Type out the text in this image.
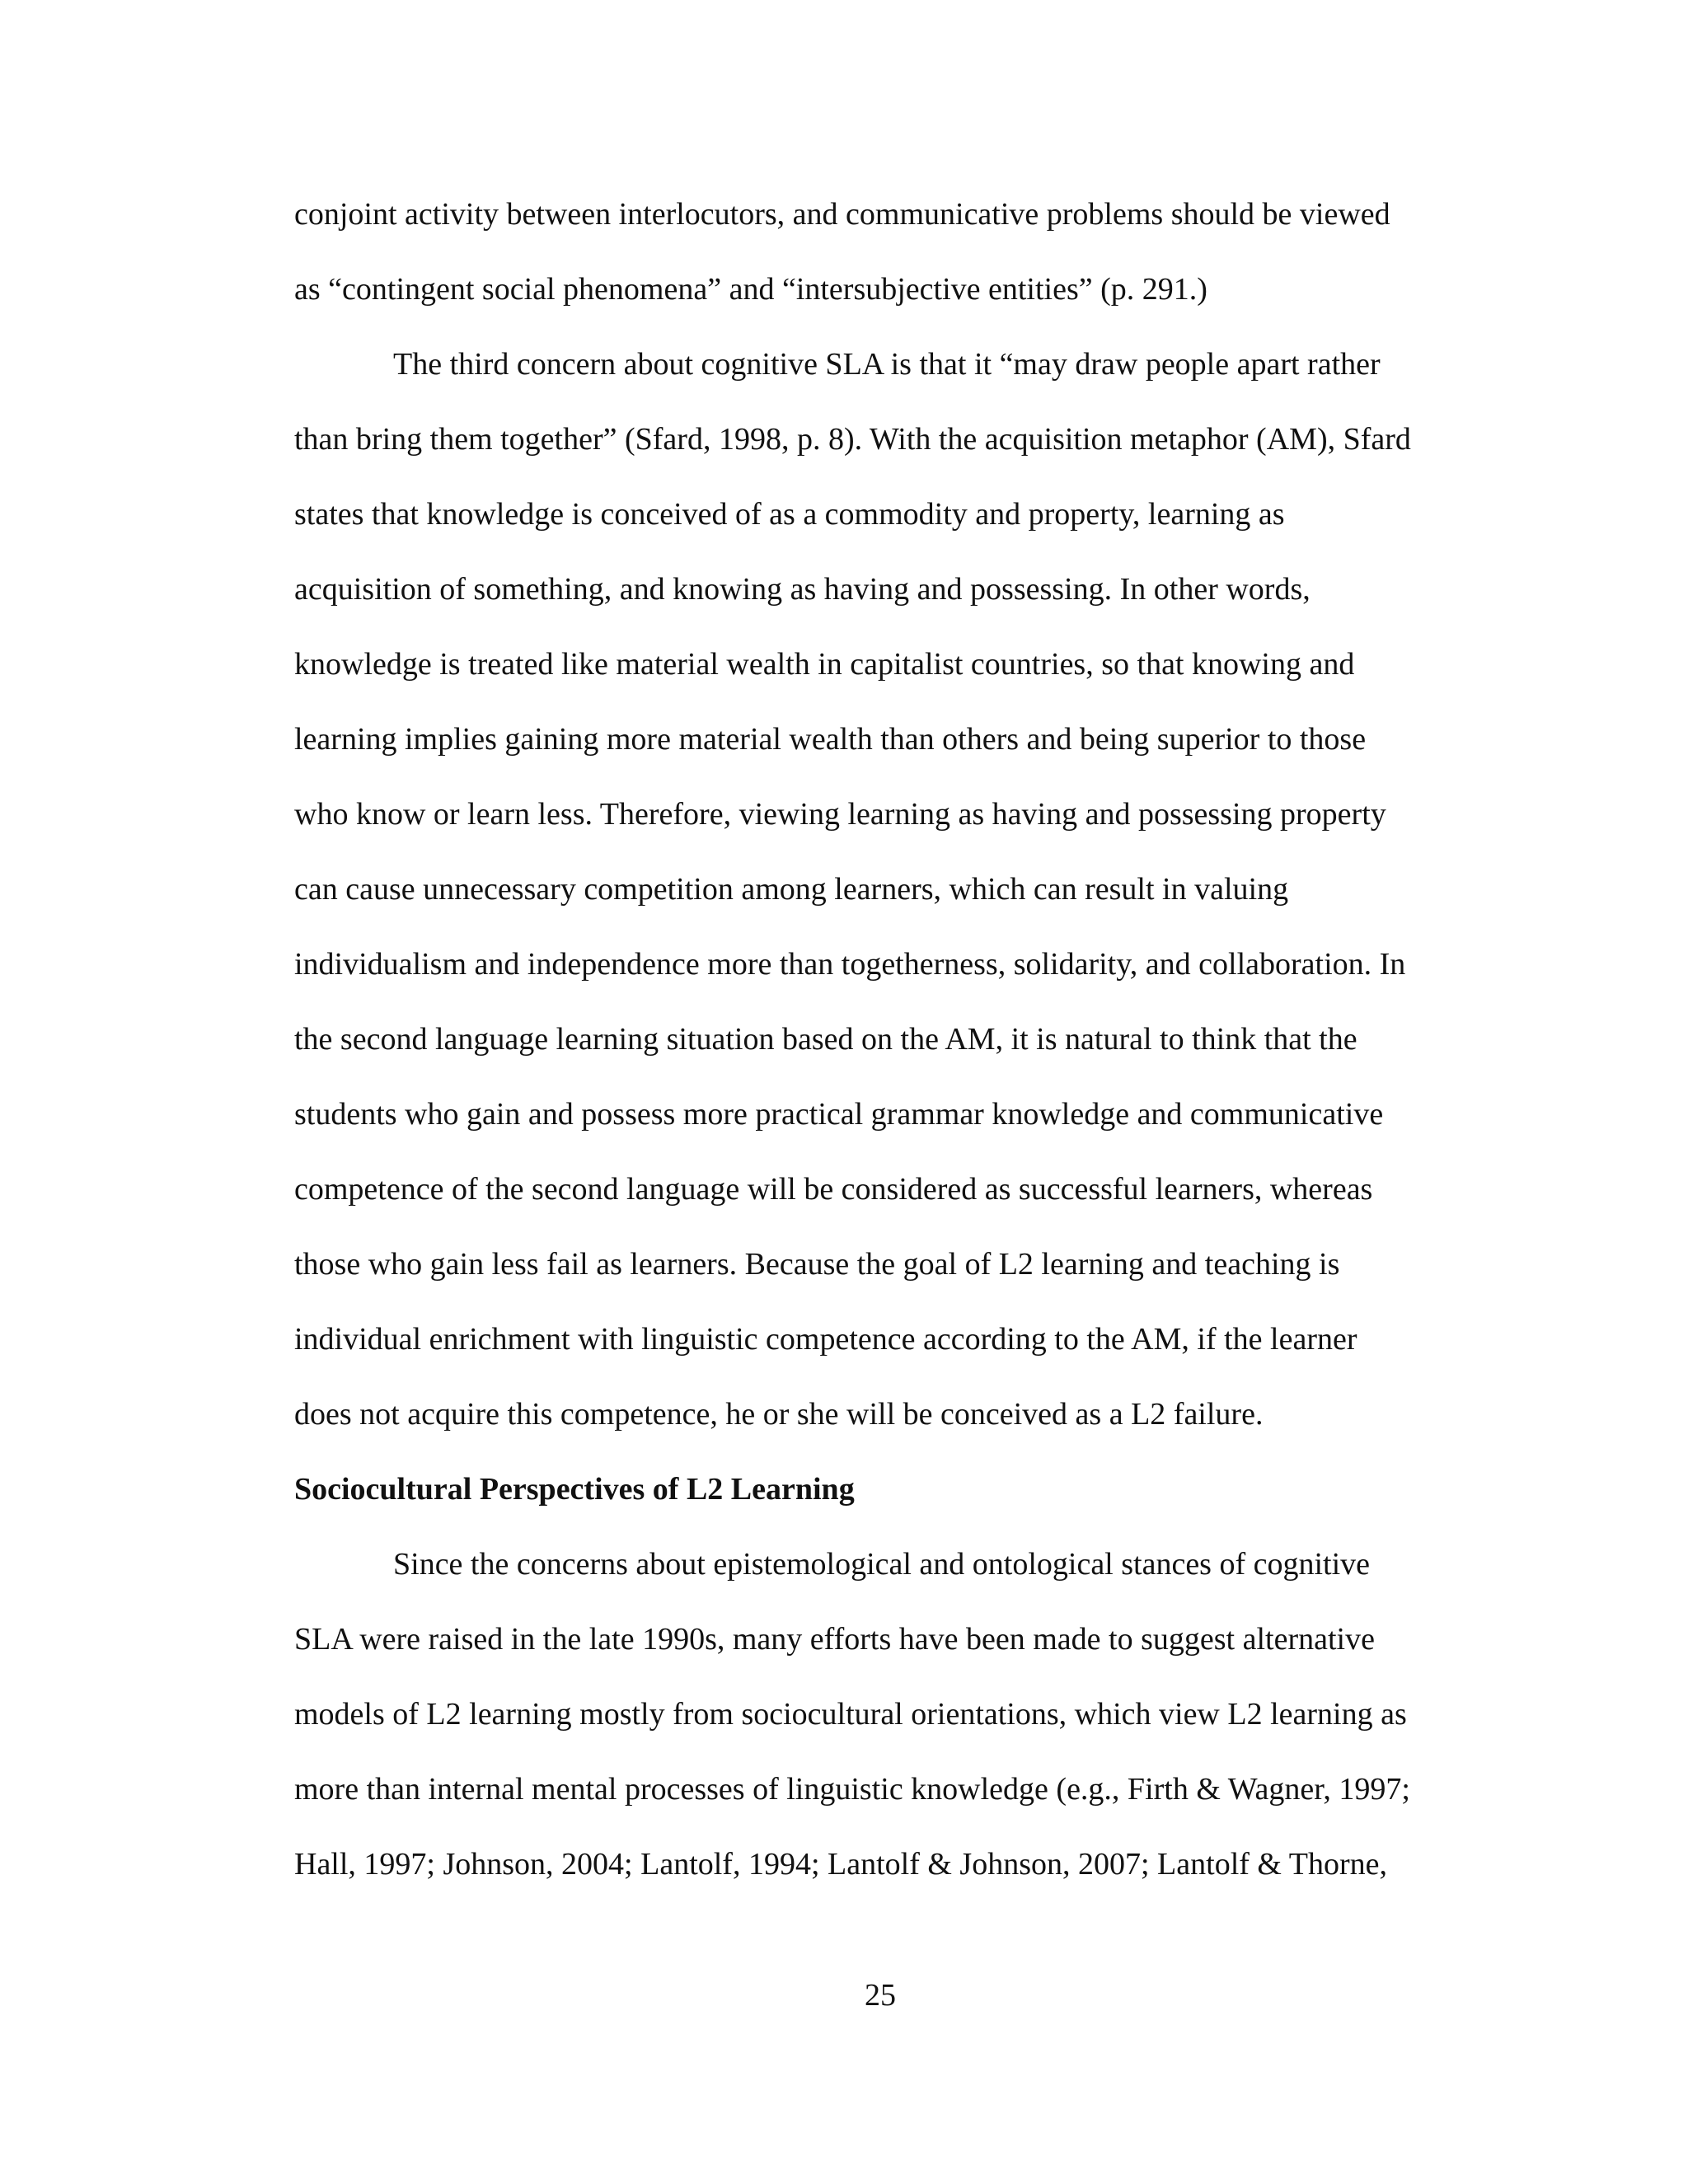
conjoint activity between interlocutors, and communicative problems should be viewed
as “contingent social phenomena” and “intersubjective entities” (p. 291.)
The third concern about cognitive SLA is that it “may draw people apart rather
than bring them together” (Sfard, 1998, p. 8). With the acquisition metaphor (AM), Sfard
states that knowledge is conceived of as a commodity and property, learning as
acquisition of something, and knowing as having and possessing. In other words,
knowledge is treated like material wealth in capitalist countries, so that knowing and
learning implies gaining more material wealth than others and being superior to those
who know or learn less. Therefore, viewing learning as having and possessing property
can cause unnecessary competition among learners, which can result in valuing
individualism and independence more than togetherness, solidarity, and collaboration. In
the second language learning situation based on the AM, it is natural to think that the
students who gain and possess more practical grammar knowledge and communicative
competence of the second language will be considered as successful learners, whereas
those who gain less fail as learners. Because the goal of L2 learning and teaching is
individual enrichment with linguistic competence according to the AM, if the learner
does not acquire this competence, he or she will be conceived as a L2 failure.
Sociocultural Perspectives of L2 Learning
Since the concerns about epistemological and ontological stances of cognitive
SLA were raised in the late 1990s, many efforts have been made to suggest alternative
models of L2 learning mostly from sociocultural orientations, which view L2 learning as
more than internal mental processes of linguistic knowledge (e.g., Firth & Wagner, 1997;
Hall, 1997; Johnson, 2004; Lantolf, 1994; Lantolf & Johnson, 2007; Lantolf & Thorne,
25
